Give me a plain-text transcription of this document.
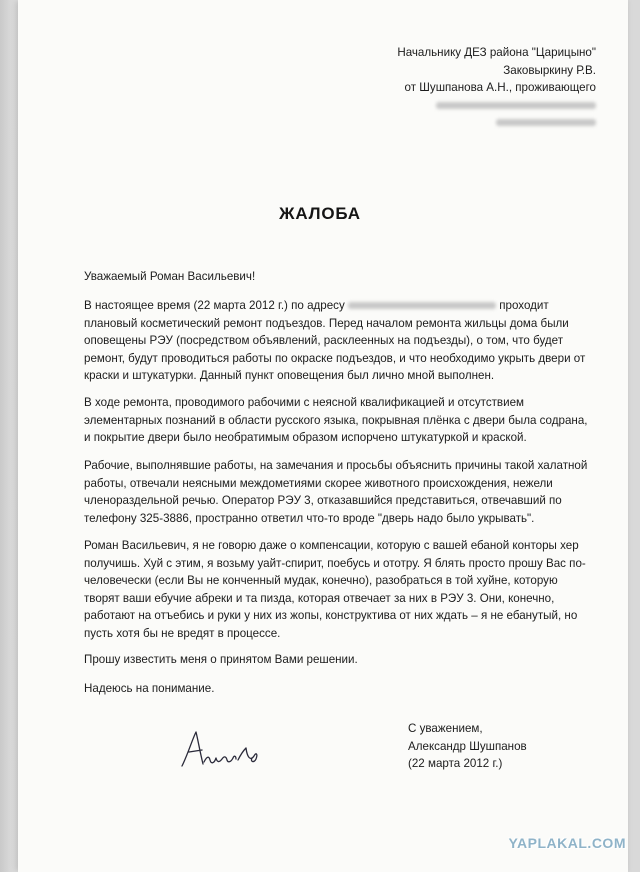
Начальнику ДЕЗ района "Царицыно"
Заковыркину Р.В.
от Шушпанова А.Н., проживающего
ЖАЛОБА
Уважаемый Роман Васильевич!
В настоящее время (22 марта 2012 г.) по адресу	проходит плановый косметический ремонт подъездов. Перед началом ремонта жильцы дома были оповещены РЭУ (посредством объявлений, расклеенных на подъезды), о том, что будет ремонт, будут проводиться работы по окраске подъездов, и что необходимо укрыть двери от краски и штукатурки. Данный пункт оповещения был лично мной выполнен.
В ходе ремонта, проводимого рабочими с неясной квалификацией и отсутствием элементарных познаний в области русского языка, покрывная плёнка с двери была содрана, и покрытие двери было необратимым образом испорчено штукатуркой и краской.
Рабочие, выполнявшие работы, на замечания и просьбы объяснить причины такой халатной работы, отвечали неясными междометиями скорее животного происхождения, нежели членораздельной речью. Оператор РЭУ 3, отказавшийся представиться, отвечавший по телефону 325-3886, пространно ответил что-то вроде "дверь надо было укрывать".
Роман Васильевич, я не говорю даже о компенсации, которую с вашей ебаной конторы хер получишь. Хуй с этим, я возьму уайт-спирит, поебусь и ототру. Я блять просто прошу Вас по-человечески (если Вы не конченный мудак, конечно), разобраться в той хуйне, которую творят ваши ебучие абреки и та пизда, которая отвечает за них в РЭУ 3. Они, конечно, работают на отъебись и руки у них из жопы, конструктива от них ждать – я не ебанутый, но пусть хотя бы не вредят в процессе.
Прошу известить меня о принятом Вами решении.
Надеюсь на понимание.
С уважением,
Александр Шушпанов
(22 марта 2012 г.)
YAPLAKAL.COM
